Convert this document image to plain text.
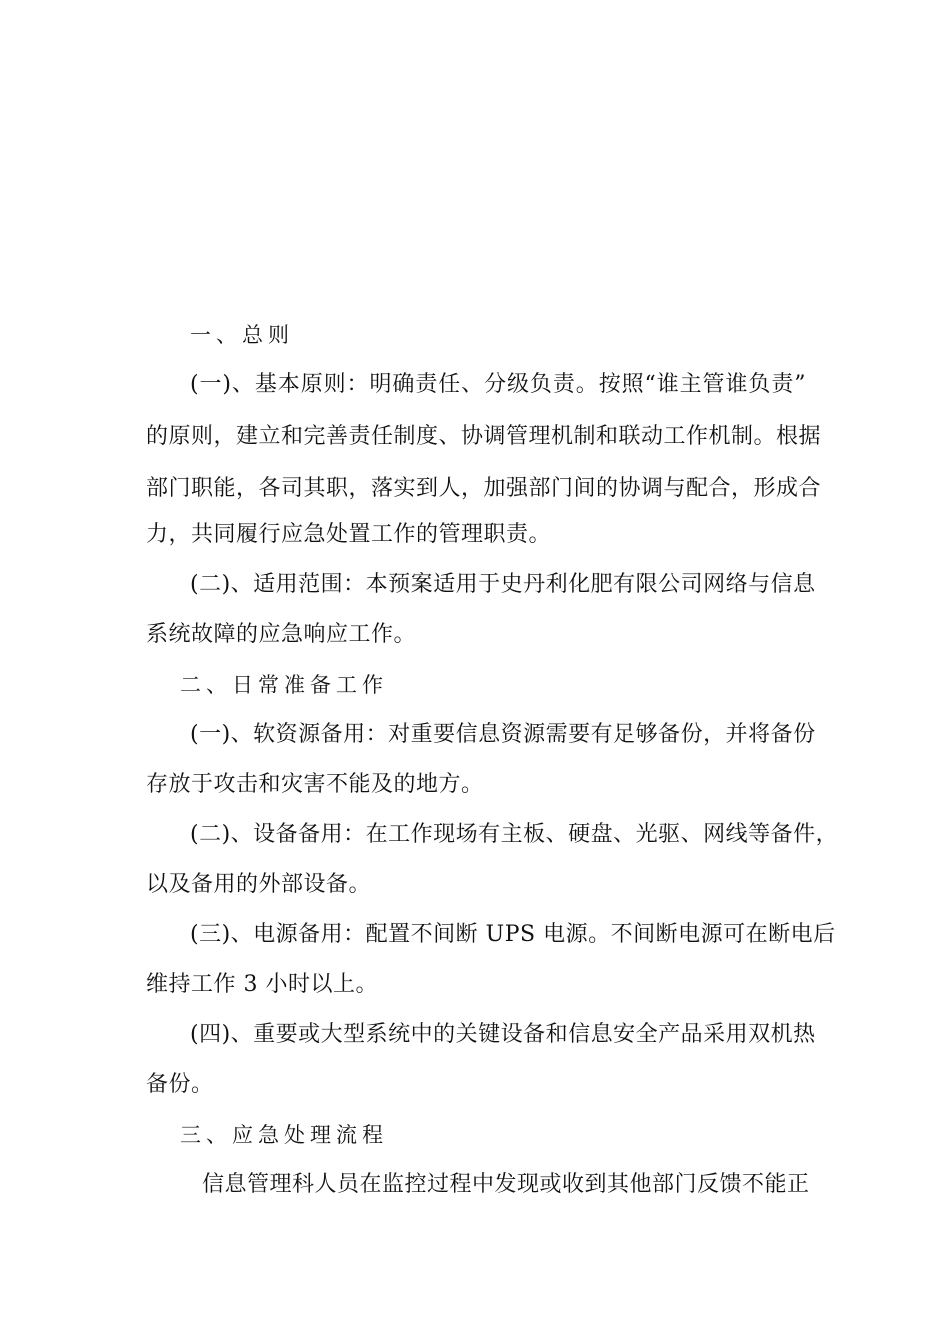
一、总则
(一)、基本原则：明确责任、分级负责。按照“谁主管谁负责”
的原则，建立和完善责任制度、协调管理机制和联动工作机制。根据
部门职能，各司其职，落实到人，加强部门间的协调与配合，形成合
力，共同履行应急处置工作的管理职责。
(二)、适用范围：本预案适用于史丹利化肥有限公司网络与信息
系统故障的应急响应工作。
二、日常准备工作
(一)、软资源备用：对重要信息资源需要有足够备份，并将备份
存放于攻击和灾害不能及的地方。
(二)、设备备用：在工作现场有主板、硬盘、光驱、网线等备件，
以及备用的外部设备。
(三)、电源备用：配置不间断 UPS 电源。不间断电源可在断电后
维持工作 3 小时以上。
(四)、重要或大型系统中的关键设备和信息安全产品采用双机热
备份。
三、应急处理流程
信息管理科人员在监控过程中发现或收到其他部门反馈不能正
